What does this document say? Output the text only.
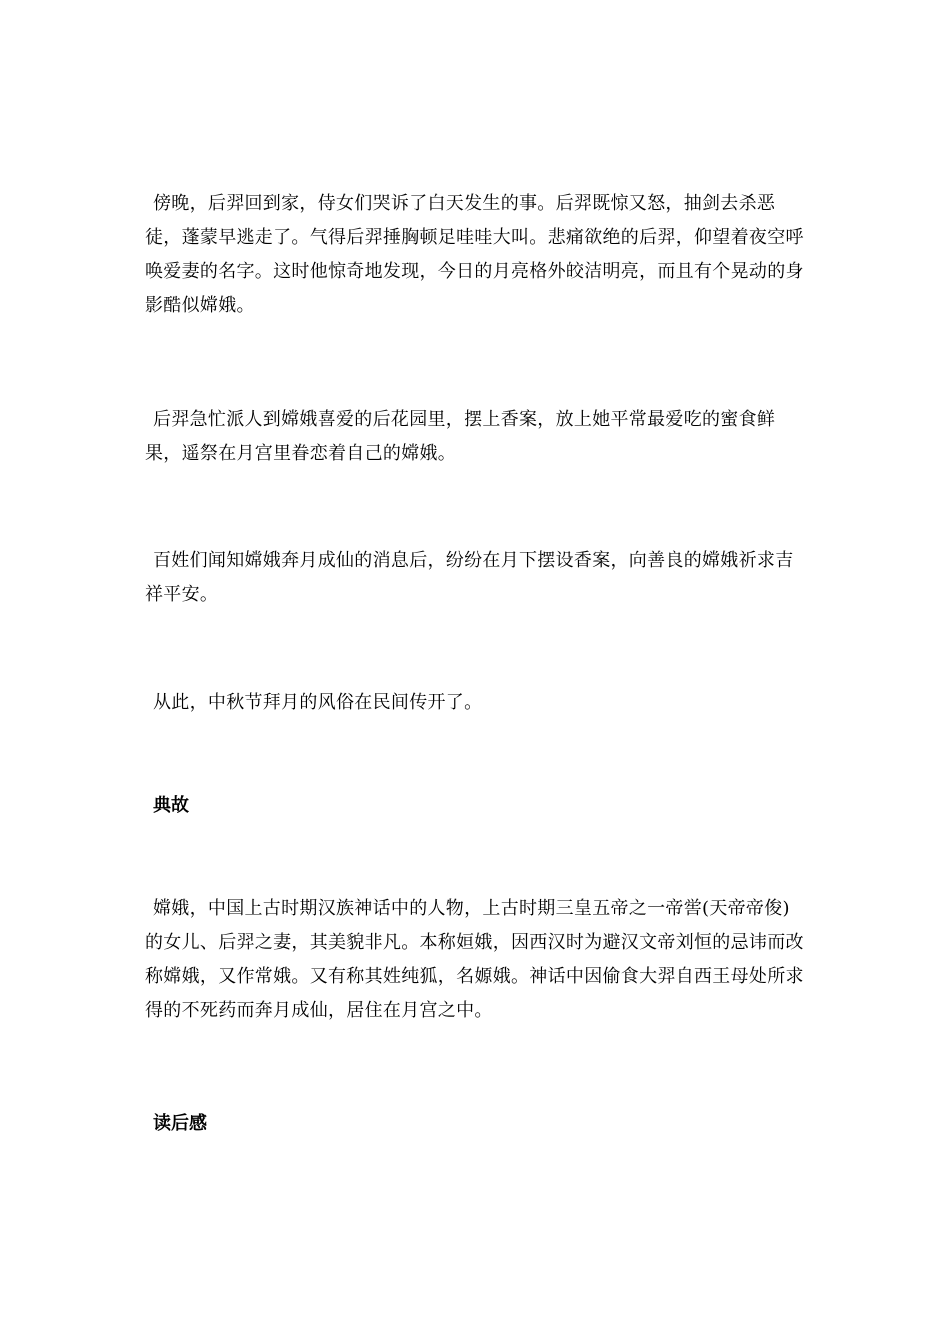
傍晚，后羿回到家，侍女们哭诉了白天发生的事。后羿既惊又怒，抽剑去杀恶徒，蓬蒙早逃走了。气得后羿捶胸顿足哇哇大叫。悲痛欲绝的后羿，仰望着夜空呼唤爱妻的名字。这时他惊奇地发现，今日的月亮格外皎洁明亮，而且有个晃动的身影酷似嫦娥。

后羿急忙派人到嫦娥喜爱的后花园里，摆上香案，放上她平常最爱吃的蜜食鲜果，遥祭在月宫里眷恋着自己的嫦娥。

百姓们闻知嫦娥奔月成仙的消息后，纷纷在月下摆设香案，向善良的嫦娥祈求吉祥平安。

从此，中秋节拜月的风俗在民间传开了。

典故

嫦娥，中国上古时期汉族神话中的人物，上古时期三皇五帝之一帝喾(天帝帝俊)的女儿、后羿之妻，其美貌非凡。本称姮娥，因西汉时为避汉文帝刘恒的忌讳而改称嫦娥，又作常娥。又有称其姓纯狐，名嫄娥。神话中因偷食大羿自西王母处所求得的不死药而奔月成仙，居住在月宫之中。

读后感
